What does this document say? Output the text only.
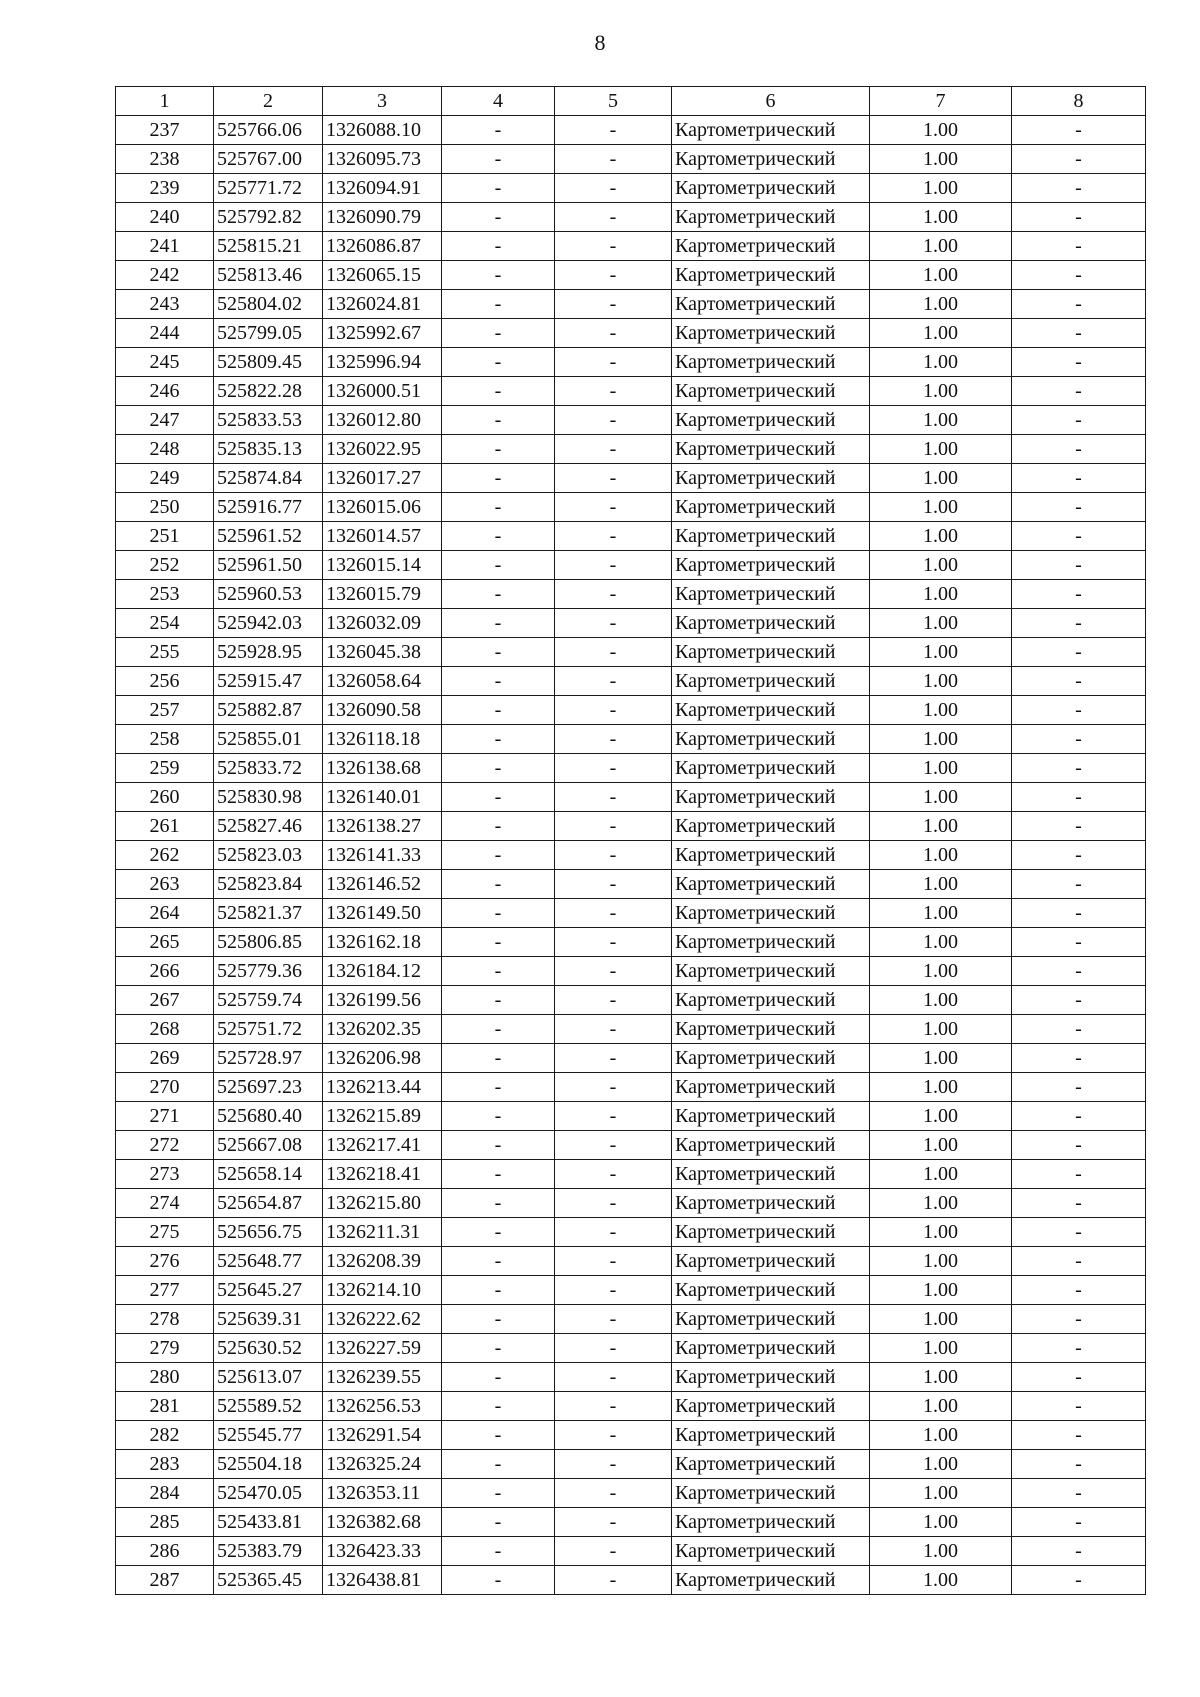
8
1	2	3	4	5	6	7	8
237	525766.06	1326088.10	-	-	Картометрический	1.00	-
238	525767.00	1326095.73	-	-	Картометрический	1.00	-
239	525771.72	1326094.91	-	-	Картометрический	1.00	-
240	525792.82	1326090.79	-	-	Картометрический	1.00	-
241	525815.21	1326086.87	-	-	Картометрический	1.00	-
242	525813.46	1326065.15	-	-	Картометрический	1.00	-
243	525804.02	1326024.81	-	-	Картометрический	1.00	-
244	525799.05	1325992.67	-	-	Картометрический	1.00	-
245	525809.45	1325996.94	-	-	Картометрический	1.00	-
246	525822.28	1326000.51	-	-	Картометрический	1.00	-
247	525833.53	1326012.80	-	-	Картометрический	1.00	-
248	525835.13	1326022.95	-	-	Картометрический	1.00	-
249	525874.84	1326017.27	-	-	Картометрический	1.00	-
250	525916.77	1326015.06	-	-	Картометрический	1.00	-
251	525961.52	1326014.57	-	-	Картометрический	1.00	-
252	525961.50	1326015.14	-	-	Картометрический	1.00	-
253	525960.53	1326015.79	-	-	Картометрический	1.00	-
254	525942.03	1326032.09	-	-	Картометрический	1.00	-
255	525928.95	1326045.38	-	-	Картометрический	1.00	-
256	525915.47	1326058.64	-	-	Картометрический	1.00	-
257	525882.87	1326090.58	-	-	Картометрический	1.00	-
258	525855.01	1326118.18	-	-	Картометрический	1.00	-
259	525833.72	1326138.68	-	-	Картометрический	1.00	-
260	525830.98	1326140.01	-	-	Картометрический	1.00	-
261	525827.46	1326138.27	-	-	Картометрический	1.00	-
262	525823.03	1326141.33	-	-	Картометрический	1.00	-
263	525823.84	1326146.52	-	-	Картометрический	1.00	-
264	525821.37	1326149.50	-	-	Картометрический	1.00	-
265	525806.85	1326162.18	-	-	Картометрический	1.00	-
266	525779.36	1326184.12	-	-	Картометрический	1.00	-
267	525759.74	1326199.56	-	-	Картометрический	1.00	-
268	525751.72	1326202.35	-	-	Картометрический	1.00	-
269	525728.97	1326206.98	-	-	Картометрический	1.00	-
270	525697.23	1326213.44	-	-	Картометрический	1.00	-
271	525680.40	1326215.89	-	-	Картометрический	1.00	-
272	525667.08	1326217.41	-	-	Картометрический	1.00	-
273	525658.14	1326218.41	-	-	Картометрический	1.00	-
274	525654.87	1326215.80	-	-	Картометрический	1.00	-
275	525656.75	1326211.31	-	-	Картометрический	1.00	-
276	525648.77	1326208.39	-	-	Картометрический	1.00	-
277	525645.27	1326214.10	-	-	Картометрический	1.00	-
278	525639.31	1326222.62	-	-	Картометрический	1.00	-
279	525630.52	1326227.59	-	-	Картометрический	1.00	-
280	525613.07	1326239.55	-	-	Картометрический	1.00	-
281	525589.52	1326256.53	-	-	Картометрический	1.00	-
282	525545.77	1326291.54	-	-	Картометрический	1.00	-
283	525504.18	1326325.24	-	-	Картометрический	1.00	-
284	525470.05	1326353.11	-	-	Картометрический	1.00	-
285	525433.81	1326382.68	-	-	Картометрический	1.00	-
286	525383.79	1326423.33	-	-	Картометрический	1.00	-
287	525365.45	1326438.81	-	-	Картометрический	1.00	-
